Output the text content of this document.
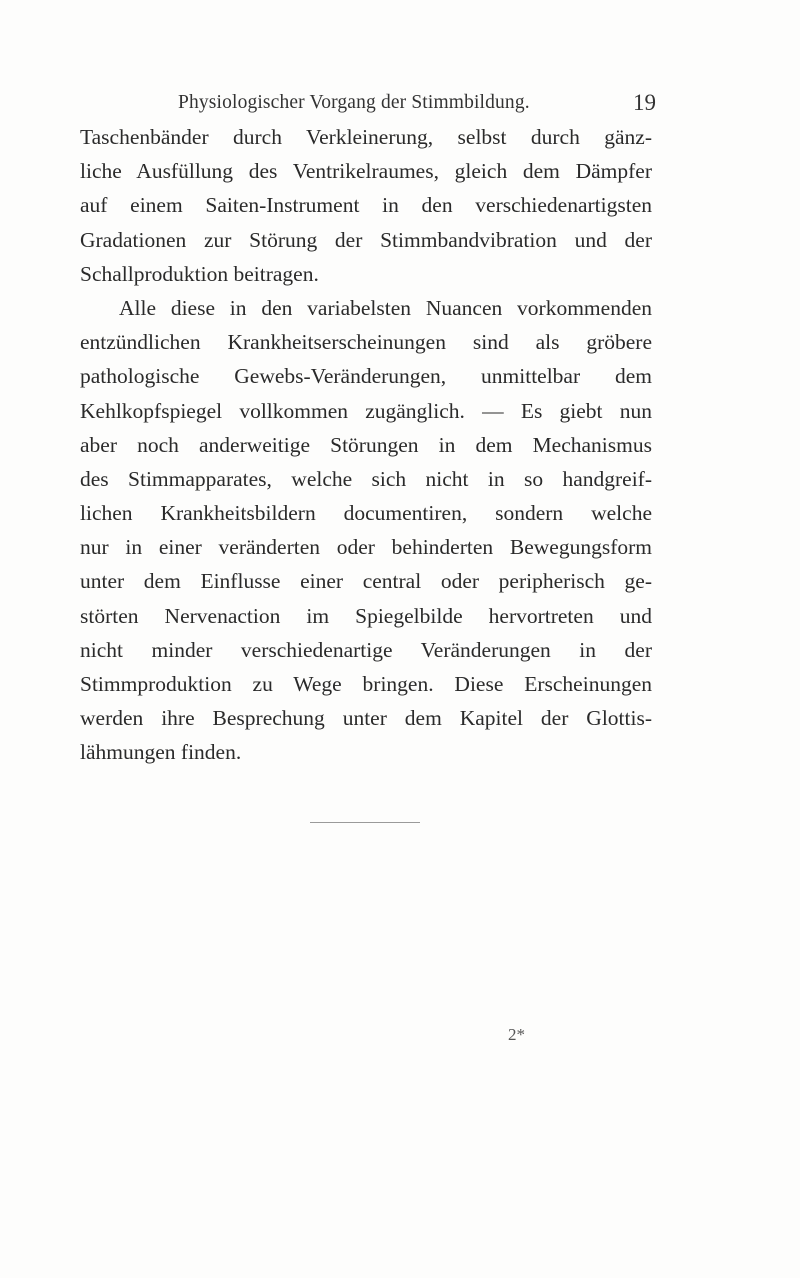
Physiologischer Vorgang der Stimmbildung.	19
Taschenbänder durch Verkleinerung, selbst durch gänz-
liche Ausfüllung des Ventrikelraumes, gleich dem Dämpfer
auf einem Saiten-Instrument in den verschiedenartigsten
Gradationen zur Störung der Stimmbandvibration und der
Schallproduktion beitragen.
Alle diese in den variabelsten Nuancen vorkommenden
entzündlichen Krankheitserscheinungen sind als gröbere
pathologische Gewebs-Veränderungen, unmittelbar dem
Kehlkopfspiegel vollkommen zugänglich. — Es giebt nun
aber noch anderweitige Störungen in dem Mechanismus
des Stimmapparates, welche sich nicht in so handgreif-
lichen Krankheitsbildern documentiren, sondern welche
nur in einer veränderten oder behinderten Bewegungsform
unter dem Einflusse einer central oder peripherisch ge-
störten Nervenaction im Spiegelbilde hervortreten und
nicht minder verschiedenartige Veränderungen in der
Stimmproduktion zu Wege bringen. Diese Erscheinungen
werden ihre Besprechung unter dem Kapitel der Glottis-
lähmungen finden.
2*
